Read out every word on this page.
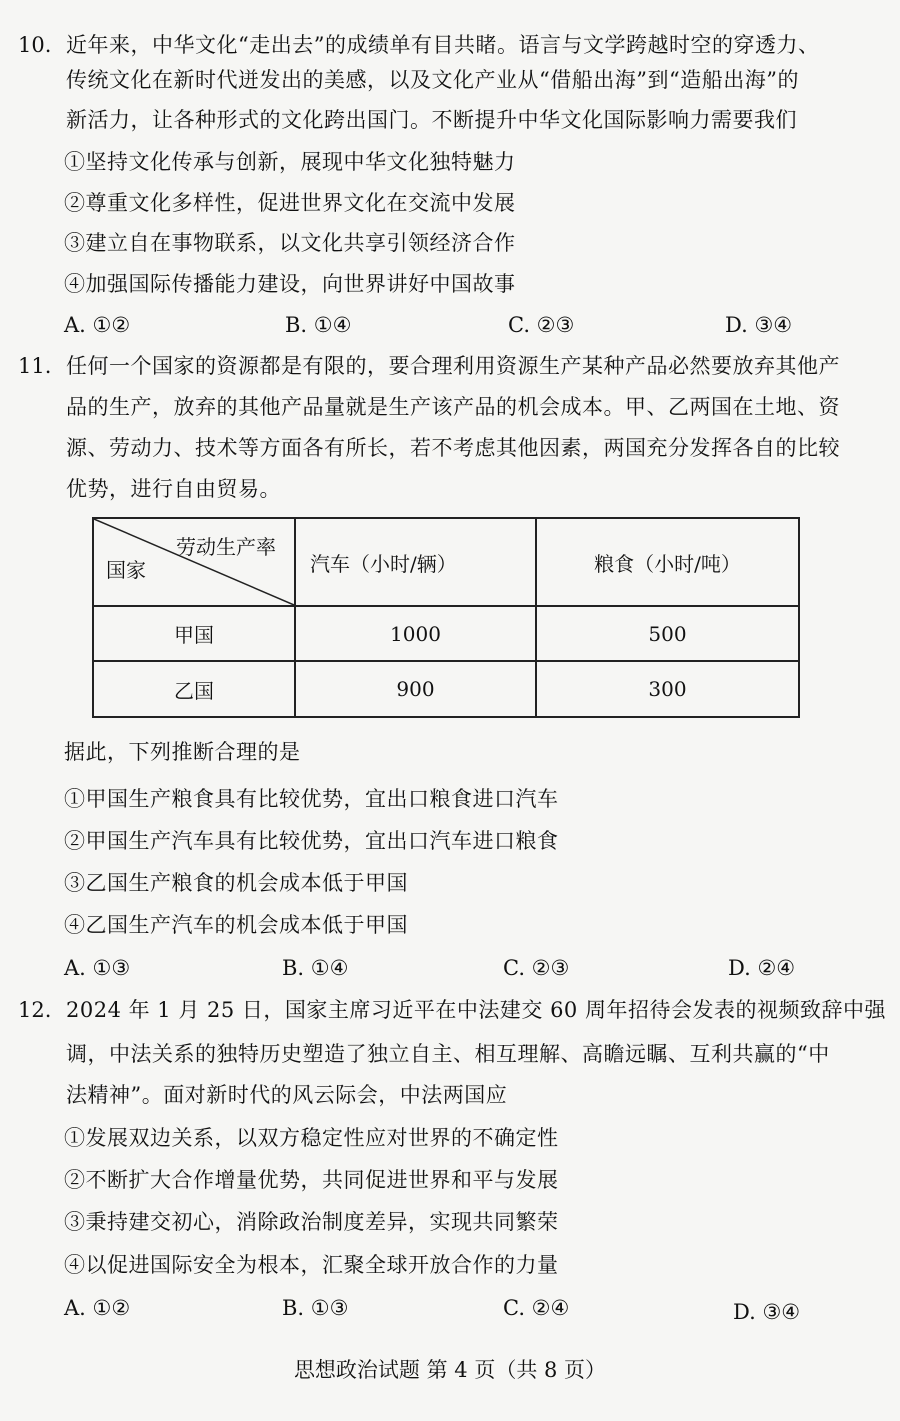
10. 近年来，中华文化“走出去”的成绩单有目共睹。语言与文学跨越时空的穿透力、
传统文化在新时代迸发出的美感，以及文化产业从“借船出海”到“造船出海”的
新活力，让各种形式的文化跨出国门。不断提升中华文化国际影响力需要我们
①坚持文化传承与创新，展现中华文化独特魅力
②尊重文化多样性，促进世界文化在交流中发展
③建立自在事物联系，以文化共享引领经济合作
④加强国际传播能力建设，向世界讲好中国故事
A. ①②	B. ①④	C. ②③	D. ③④
11. 任何一个国家的资源都是有限的，要合理利用资源生产某种产品必然要放弃其他产
品的生产，放弃的其他产品量就是生产该产品的机会成本。甲、乙两国在土地、资
源、劳动力、技术等方面各有所长，若不考虑其他因素，两国充分发挥各自的比较
优势，进行自由贸易。
劳动生产率
国家	汽车（小时/辆）	粮食（小时/吨）
甲国	1000	500
乙国	900	300
据此，下列推断合理的是
①甲国生产粮食具有比较优势，宜出口粮食进口汽车
②甲国生产汽车具有比较优势，宜出口汽车进口粮食
③乙国生产粮食的机会成本低于甲国
④乙国生产汽车的机会成本低于甲国
A. ①③	B. ①④	C. ②③	D. ②④
12. 2024 年 1 月 25 日，国家主席习近平在中法建交 60 周年招待会发表的视频致辞中强
调，中法关系的独特历史塑造了独立自主、相互理解、高瞻远瞩、互利共赢的“中
法精神”。面对新时代的风云际会，中法两国应
①发展双边关系，以双方稳定性应对世界的不确定性
②不断扩大合作增量优势，共同促进世界和平与发展
③秉持建交初心，消除政治制度差异，实现共同繁荣
④以促进国际安全为根本，汇聚全球开放合作的力量
A. ①②	B. ①③	C. ②④	D. ③④
思想政治试题 第 4 页（共 8 页）
